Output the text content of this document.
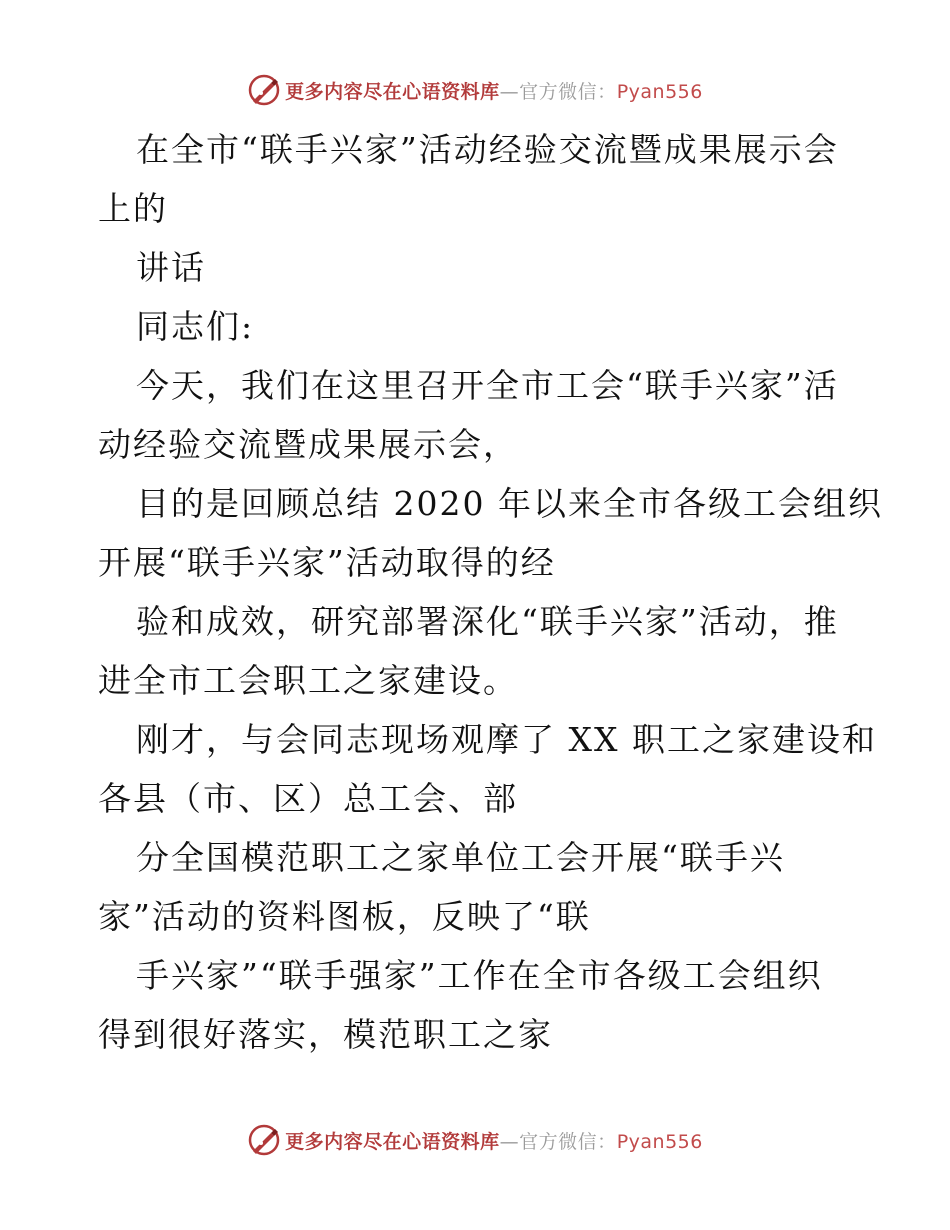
更多内容尽在心语资料库—官方微信：Pyan556
在全市“联手兴家”活动经验交流暨成果展示会
上的
讲话
同志们:
今天，我们在这里召开全市工会“联手兴家”活
动经验交流暨成果展示会，
目的是回顾总结 2020 年以来全市各级工会组织
开展“联手兴家”活动取得的经
验和成效，研究部署深化“联手兴家”活动，推
进全市工会职工之家建设。
刚才，与会同志现场观摩了 XX 职工之家建设和
各县（市、区）总工会、部
分全国模范职工之家单位工会开展“联手兴
家”活动的资料图板，反映了“联
手兴家”“联手强家”工作在全市各级工会组织
得到很好落实，模范职工之家
更多内容尽在心语资料库—官方微信：Pyan556
